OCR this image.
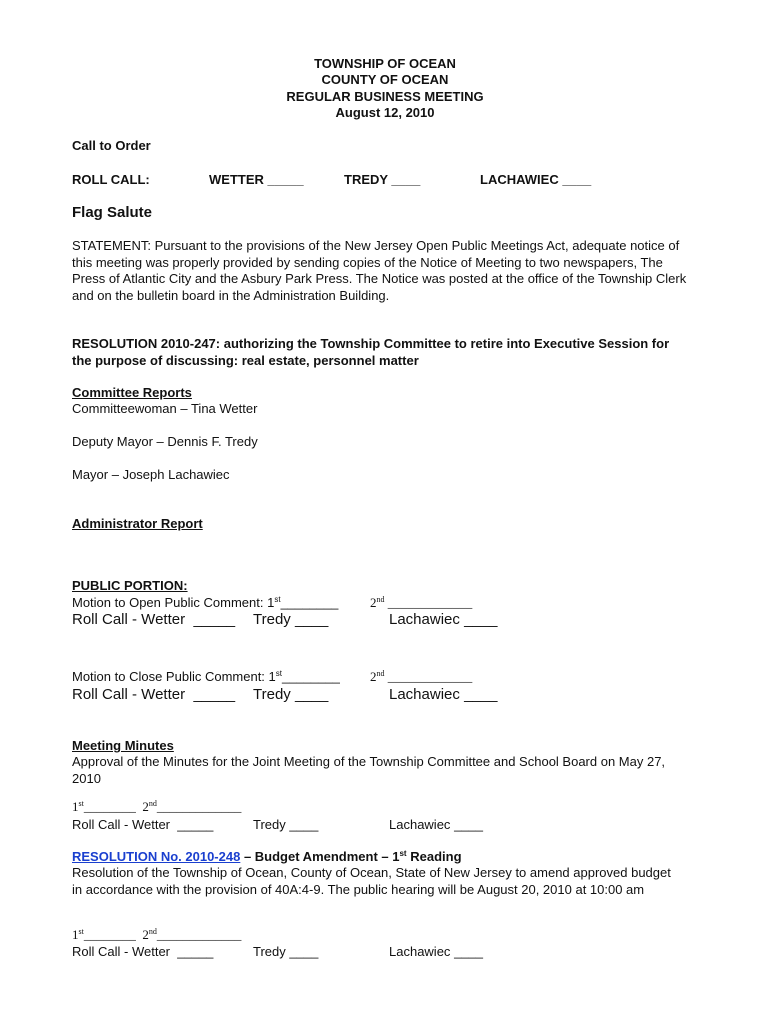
TOWNSHIP OF OCEAN
COUNTY OF OCEAN
REGULAR BUSINESS MEETING
August 12, 2010
Call to Order
ROLL CALL:	WETTER _____	TREDY ____	LACHAWIEC ____
Flag Salute
STATEMENT: Pursuant to the provisions of the New Jersey Open Public Meetings Act, adequate notice of this meeting was properly provided by sending copies of the Notice of Meeting to two newspapers, The Press of Atlantic City and the Asbury Park Press. The Notice was posted at the office of the Township Clerk and on the bulletin board in the Administration Building.
RESOLUTION 2010-247: authorizing the Township Committee to retire into Executive Session for the purpose of discussing: real estate, personnel matter
Committee Reports
Committeewoman – Tina Wetter
Deputy Mayor – Dennis F. Tredy
Mayor – Joseph Lachawiec
Administrator Report
PUBLIC PORTION:
Motion to Open Public Comment: 1st________ 2nd _____________
Roll Call - Wetter _____ Tredy ____	Lachawiec ____
Motion to Close Public Comment: 1st________ 2nd _____________
Roll Call - Wetter _____ Tredy ____	Lachawiec ____
Meeting Minutes
Approval of the Minutes for the Joint Meeting of the Township Committee and School Board on May 27, 2010
1st________ 2nd_____________
Roll Call - Wetter _____	Tredy ____	Lachawiec ____
RESOLUTION No. 2010-248 – Budget Amendment – 1st Reading
Resolution of the Township of Ocean, County of Ocean, State of New Jersey to amend approved budget in accordance with the provision of 40A:4-9. The public hearing will be August 20, 2010 at 10:00 am
1st________ 2nd_____________
Roll Call - Wetter _____	Tredy ____	Lachawiec ____
